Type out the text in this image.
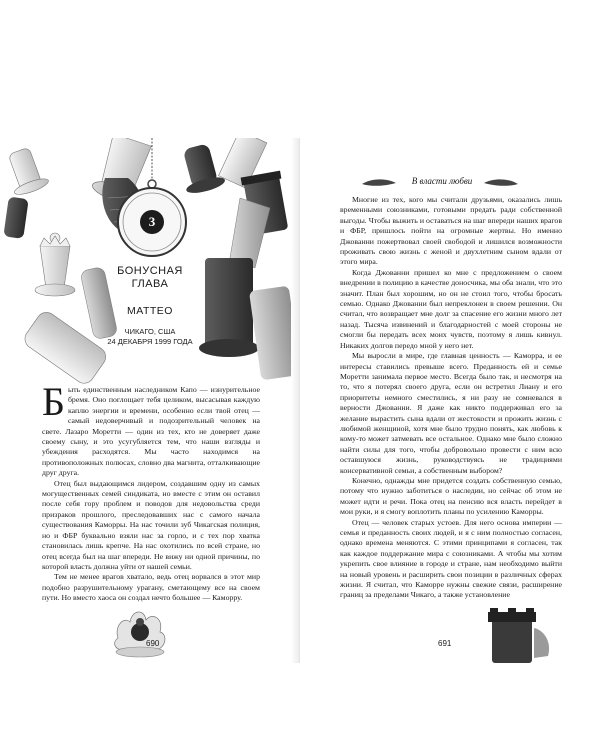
3
БОНУСНАЯ ГЛАВА
МАТТЕО
ЧИКАГО, США
24 ДЕКАБРЯ 1999 ГОДА

Быть единственным наследником Капо — изнурительное бремя. Оно поглощает тебя целиком, высасывая каждую каплю энергии и времени, особенно если твой отец — самый недоверчивый и подозрительный человек на свете. Лазаро Моретти — один из тех, кто не доверяет даже своему сыну, и это усугубляется тем, что наши взгляды и убеждения расходятся. Мы часто находимся на противоположных полюсах, словно два магнита, отталкивающие друг друга.

Отец был выдающимся лидером, создавшим одну из самых могущественных семей синдиката, но вместе с этим он оставил после себя гору проблем и поводов для недовольства среди призраков прошлого, преследовавших нас с самого начала существования Каморры. На нас точили зуб Чикагская полиция, но и ФБР буквально взяли нас за горло, и с тех пор хватка становилась лишь крепче. На нас охотились по всей стране, но отец всегда был на шаг впереди. Не вижу ни одной причины, по которой власть должна уйти от нашей семьи.

Тем не менее врагов хватало, ведь отец ворвался в этот мир подобно разрушительному урагану, сметающему все на своем пути. Но вместо хаоса он создал нечто большее — Каморру.

690
В власти любви

Многие из тех, кого мы считали друзьями, оказались лишь временными союзниками, готовыми предать ради собственной выгоды. Чтобы выжить и оставаться на шаг впереди наших врагов и ФБР, пришлось пойти на огромные жертвы. Но именно Джованни пожертвовал своей свободой и лишился возможности проживать свою жизнь с женой и двухлетним сыном вдали от этого мира.

Когда Джованни пришел ко мне с предложением о своем внедрении в полицию в качестве доносчика, мы оба знали, что это значит. План был хорошим, но он не стоил того, чтобы бросать семью. Однако Джованни был непреклонен в своем решении. Он считал, что возвращает мне долг за спасение его жизни много лет назад. Тысяча извинений и благодарностей с моей стороны не смогли бы передать всех моих чувств, поэтому я лишь кивнул. Никаких долгов передо мной у него нет.

Мы выросли в мире, где главная ценность — Каморра, и ее интересы ставились превыше всего. Преданность ей и семье Моретти занимала первое место. Всегда было так, и несмотря на то, что я потерял своего друга, если он встретил Лиану и его приоритеты немного сместились, я ни разу не сомневался в верности Джованни. Я даже как никто поддерживал его за желание вырастить сына вдали от жестокости и прожить жизнь с любимой женщиной, хотя мне было трудно понять, как любовь к кому-то может затмевать все остальное. Однако мне было сложно найти силы для того, чтобы добровольно провести с ним всю оставшуюся жизнь, руководствуясь не традициями консервативной семьи, а собственным выбором?

Конечно, однажды мне придется создать собственную семью, потому что нужно заботиться о наследии, но сейчас об этом не может идти и речи. Пока отец на пенсию вся власть перейдет в мои руки, и я смогу воплотить планы по усилению Каморры.

Отец — человек старых устоев. Для него основа империи — семья и преданность своих людей, и я с ним полностью согласен, однако времена меняются. С этими принципами я согласен, так как каждое поддержание мира с союзниками. А чтобы мы хотим укрепить свое влияние в городе и стране, нам необходимо выйти на новый уровень и расширить свои позиции в различных сферах жизни. Я считал, что Каморре нужны свежие связи, расширение границ за пределами Чикаго, а также установление

691
